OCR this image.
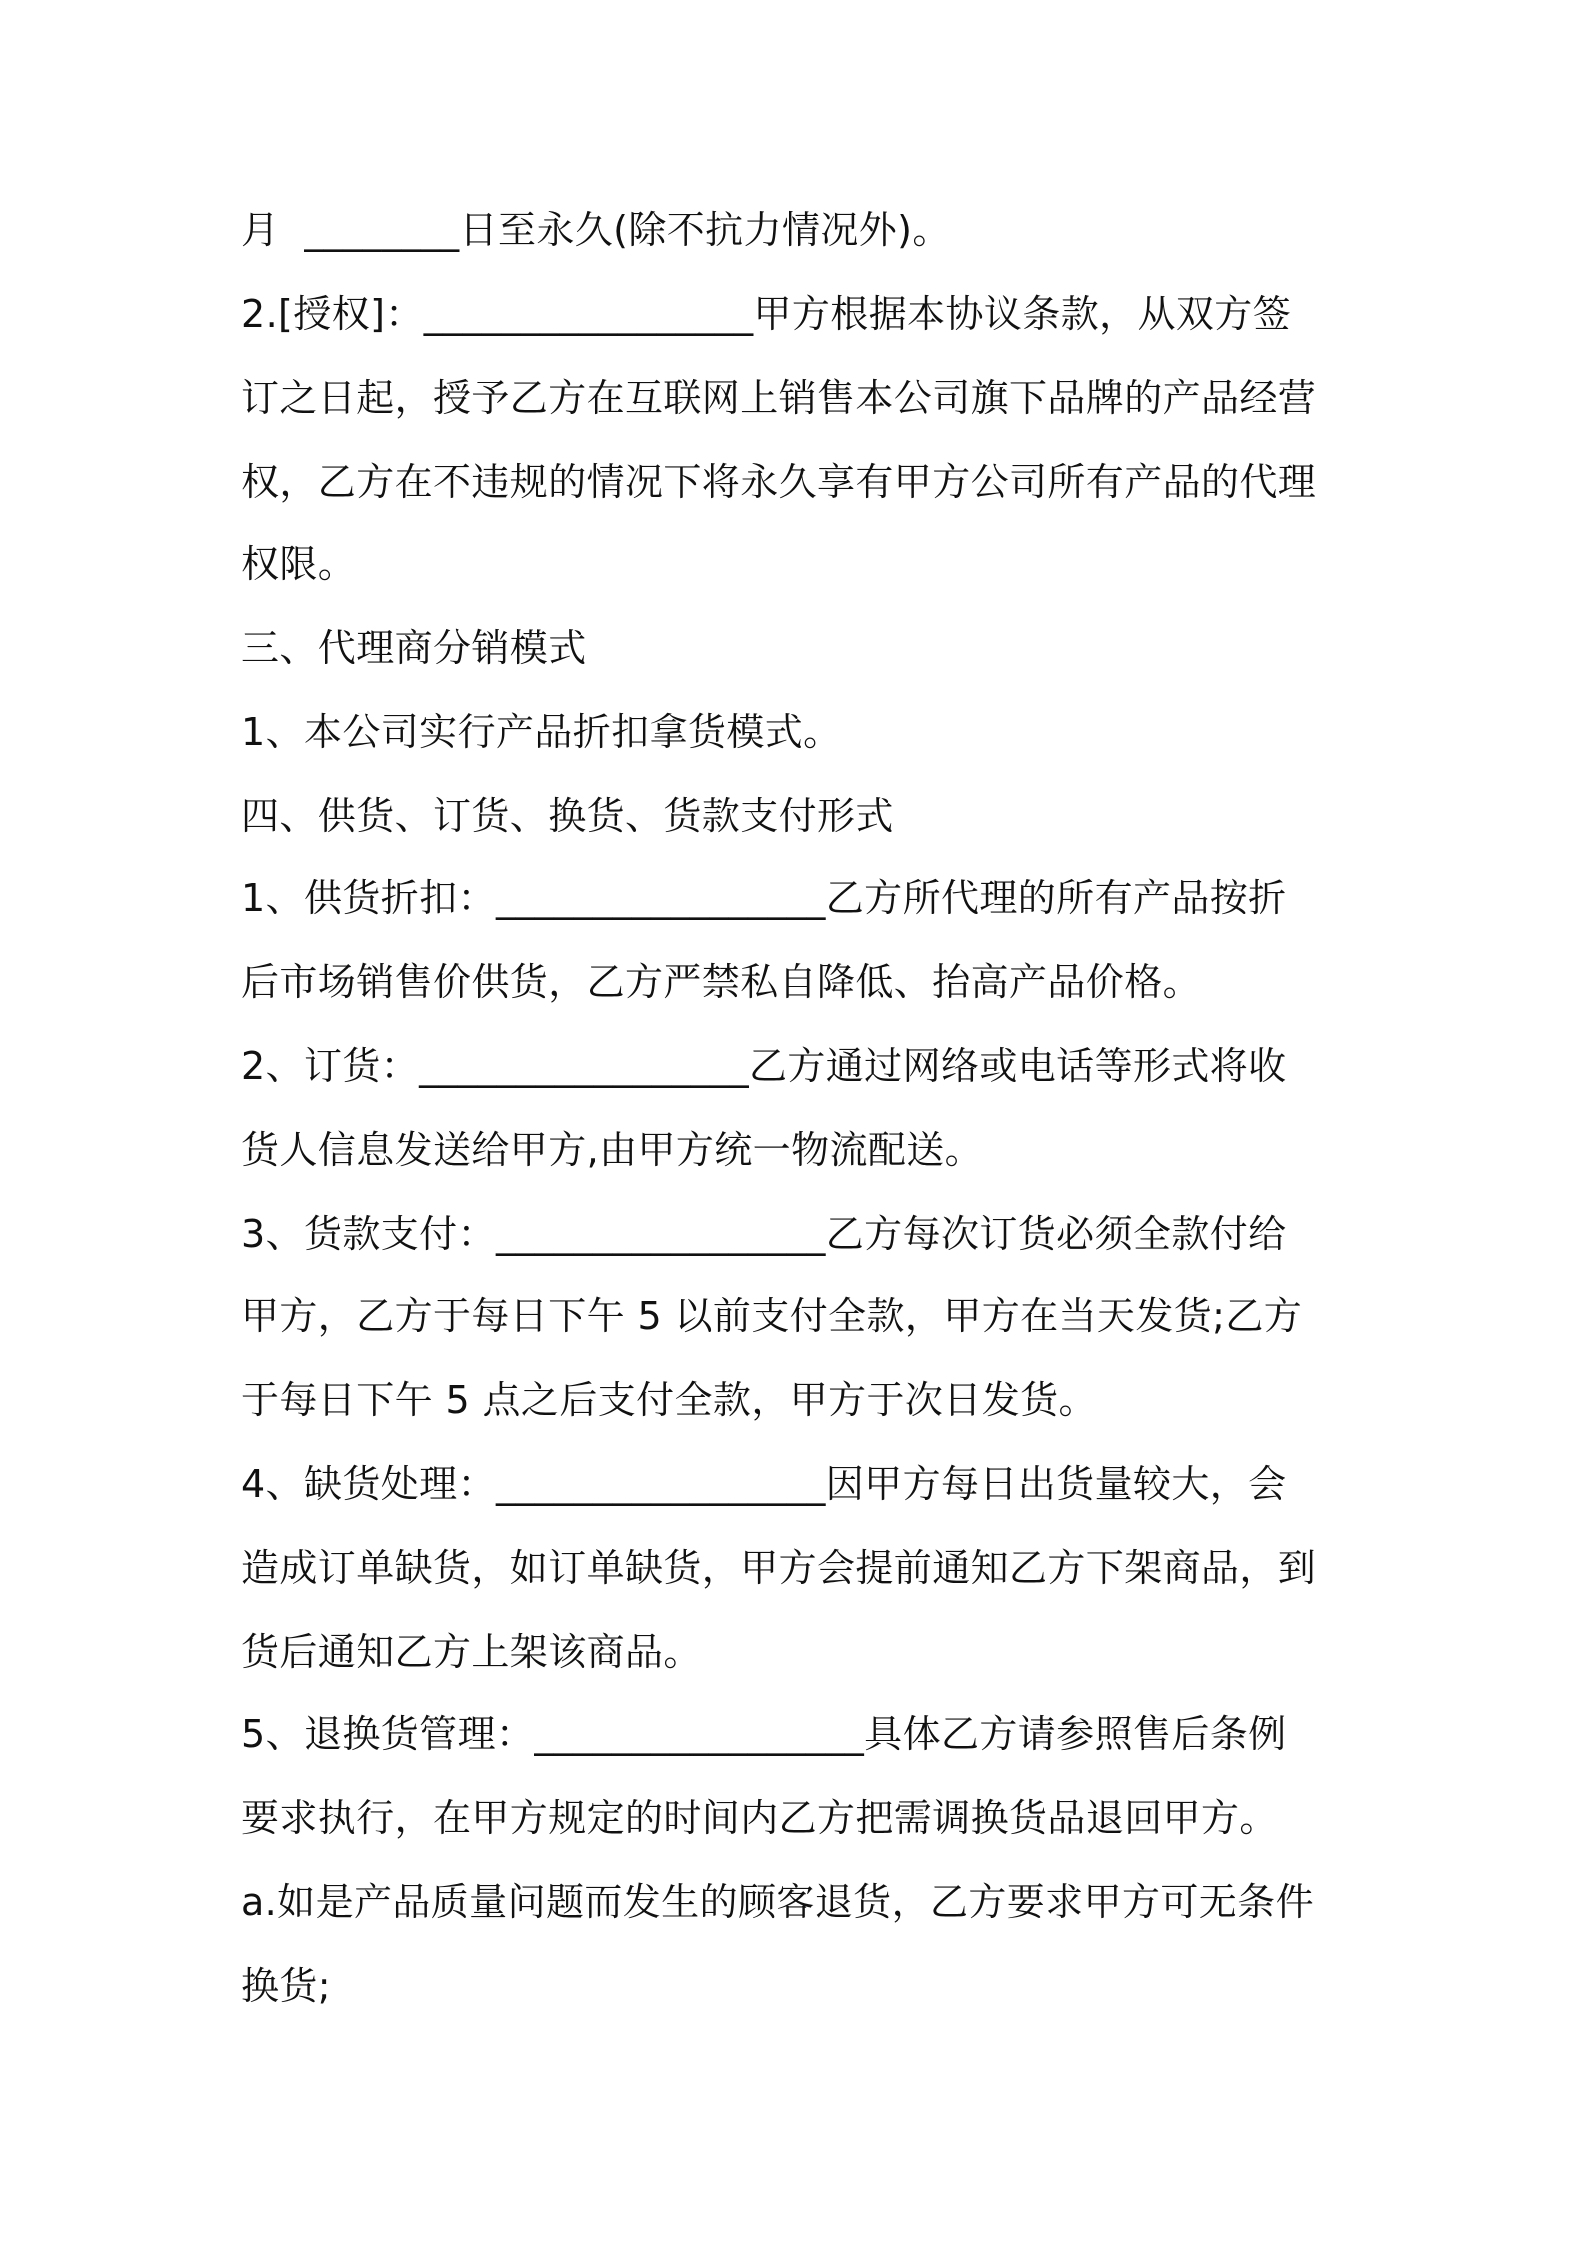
月  ________日至永久(除不抗力情况外)。
2.[授权]：_________________甲方根据本协议条款，从双方签
订之日起，授予乙方在互联网上销售本公司旗下品牌的产品经营
权，乙方在不违规的情况下将永久享有甲方公司所有产品的代理
权限。
三、代理商分销模式
1、本公司实行产品折扣拿货模式。
四、供货、订货、换货、货款支付形式
1、供货折扣：_________________乙方所代理的所有产品按折
后市场销售价供货，乙方严禁私自降低、抬高产品价格。
2、订货：_________________乙方通过网络或电话等形式将收
货人信息发送给甲方,由甲方统一物流配送。
3、货款支付：_________________乙方每次订货必须全款付给
甲方，乙方于每日下午 5 以前支付全款，甲方在当天发货;乙方
于每日下午 5 点之后支付全款，甲方于次日发货。
4、缺货处理：_________________因甲方每日出货量较大，会
造成订单缺货，如订单缺货，甲方会提前通知乙方下架商品，到
货后通知乙方上架该商品。
5、退换货管理：_________________具体乙方请参照售后条例
要求执行，在甲方规定的时间内乙方把需调换货品退回甲方。
a.如是产品质量问题而发生的顾客退货，乙方要求甲方可无条件
换货;
